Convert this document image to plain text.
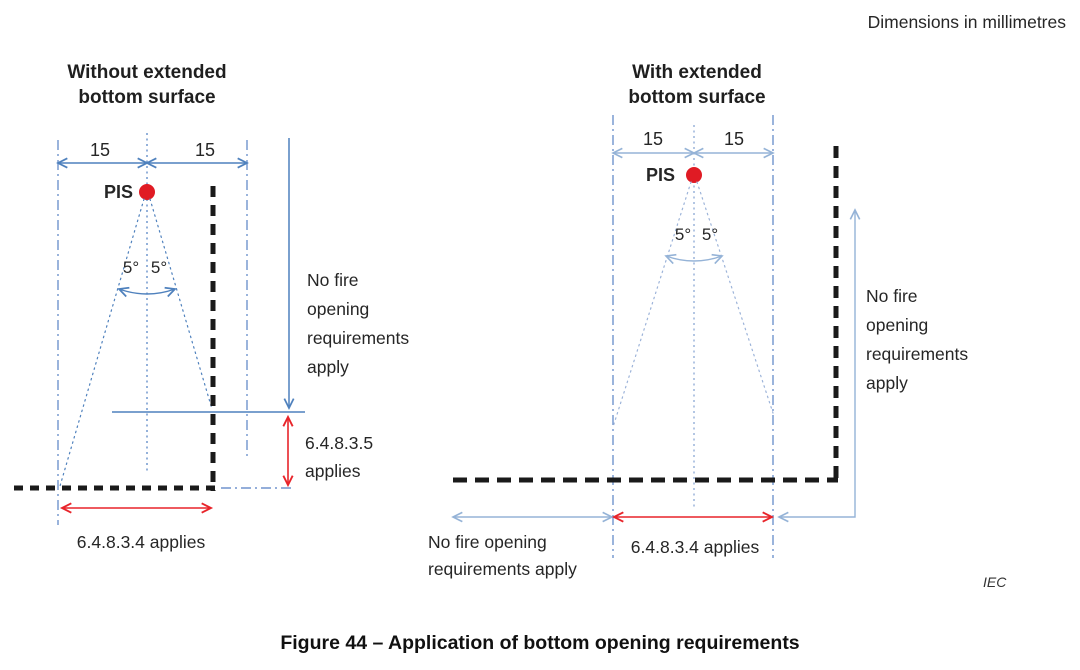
Dimensions in millimetres
Without extended bottom surface
15	15
PIS
5° 5°
No fire
opening
requirements
apply
6.4.8.3.5
applies
6.4.8.3.4 applies
With extended bottom surface
15	15
PIS
5° 5°
No fire
opening
requirements
apply
No fire opening
requirements apply
6.4.8.3.4 applies
IEC
Figure 44 – Application of bottom opening requirements
